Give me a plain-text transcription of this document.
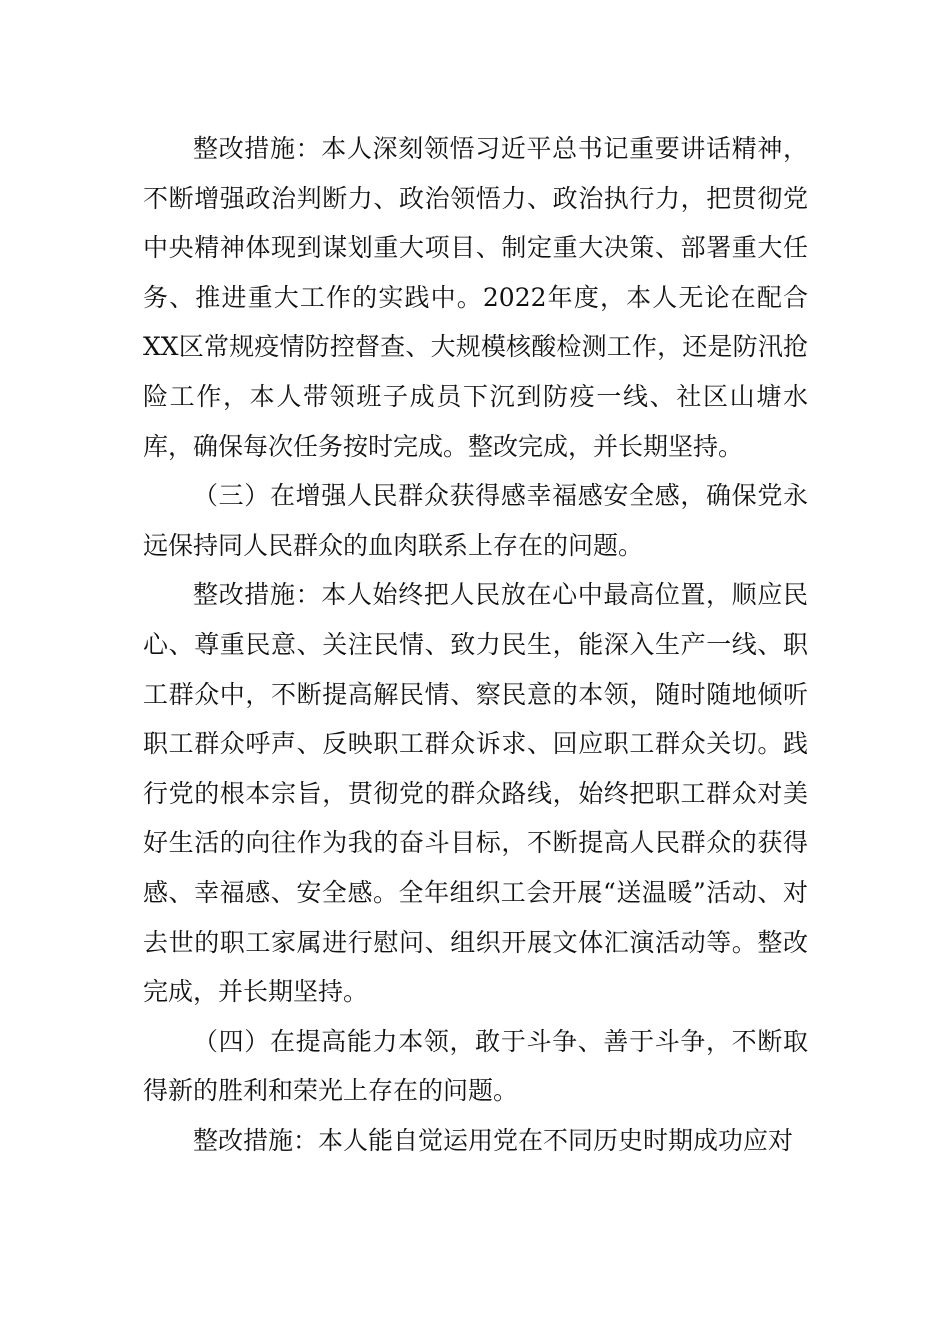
整改措施：本人深刻领悟习近平总书记重要讲话精神，不断增强政治判断力、政治领悟力、政治执行力，把贯彻党中央精神体现到谋划重大项目、制定重大决策、部署重大任务、推进重大工作的实践中。2022年度，本人无论在配合XX区常规疫情防控督查、大规模核酸检测工作，还是防汛抢险工作，本人带领班子成员下沉到防疫一线、社区山塘水库，确保每次任务按时完成。整改完成，并长期坚持。

（三）在增强人民群众获得感幸福感安全感，确保党永远保持同人民群众的血肉联系上存在的问题。

整改措施：本人始终把人民放在心中最高位置，顺应民心、尊重民意、关注民情、致力民生，能深入生产一线、职工群众中，不断提高解民情、察民意的本领，随时随地倾听职工群众呼声、反映职工群众诉求、回应职工群众关切。践行党的根本宗旨，贯彻党的群众路线，始终把职工群众对美好生活的向往作为我的奋斗目标，不断提高人民群众的获得感、幸福感、安全感。全年组织工会开展“送温暖”活动、对去世的职工家属进行慰问、组织开展文体汇演活动等。整改完成，并长期坚持。

（四）在提高能力本领，敢于斗争、善于斗争，不断取得新的胜利和荣光上存在的问题。

整改措施：本人能自觉运用党在不同历史时期成功应对
